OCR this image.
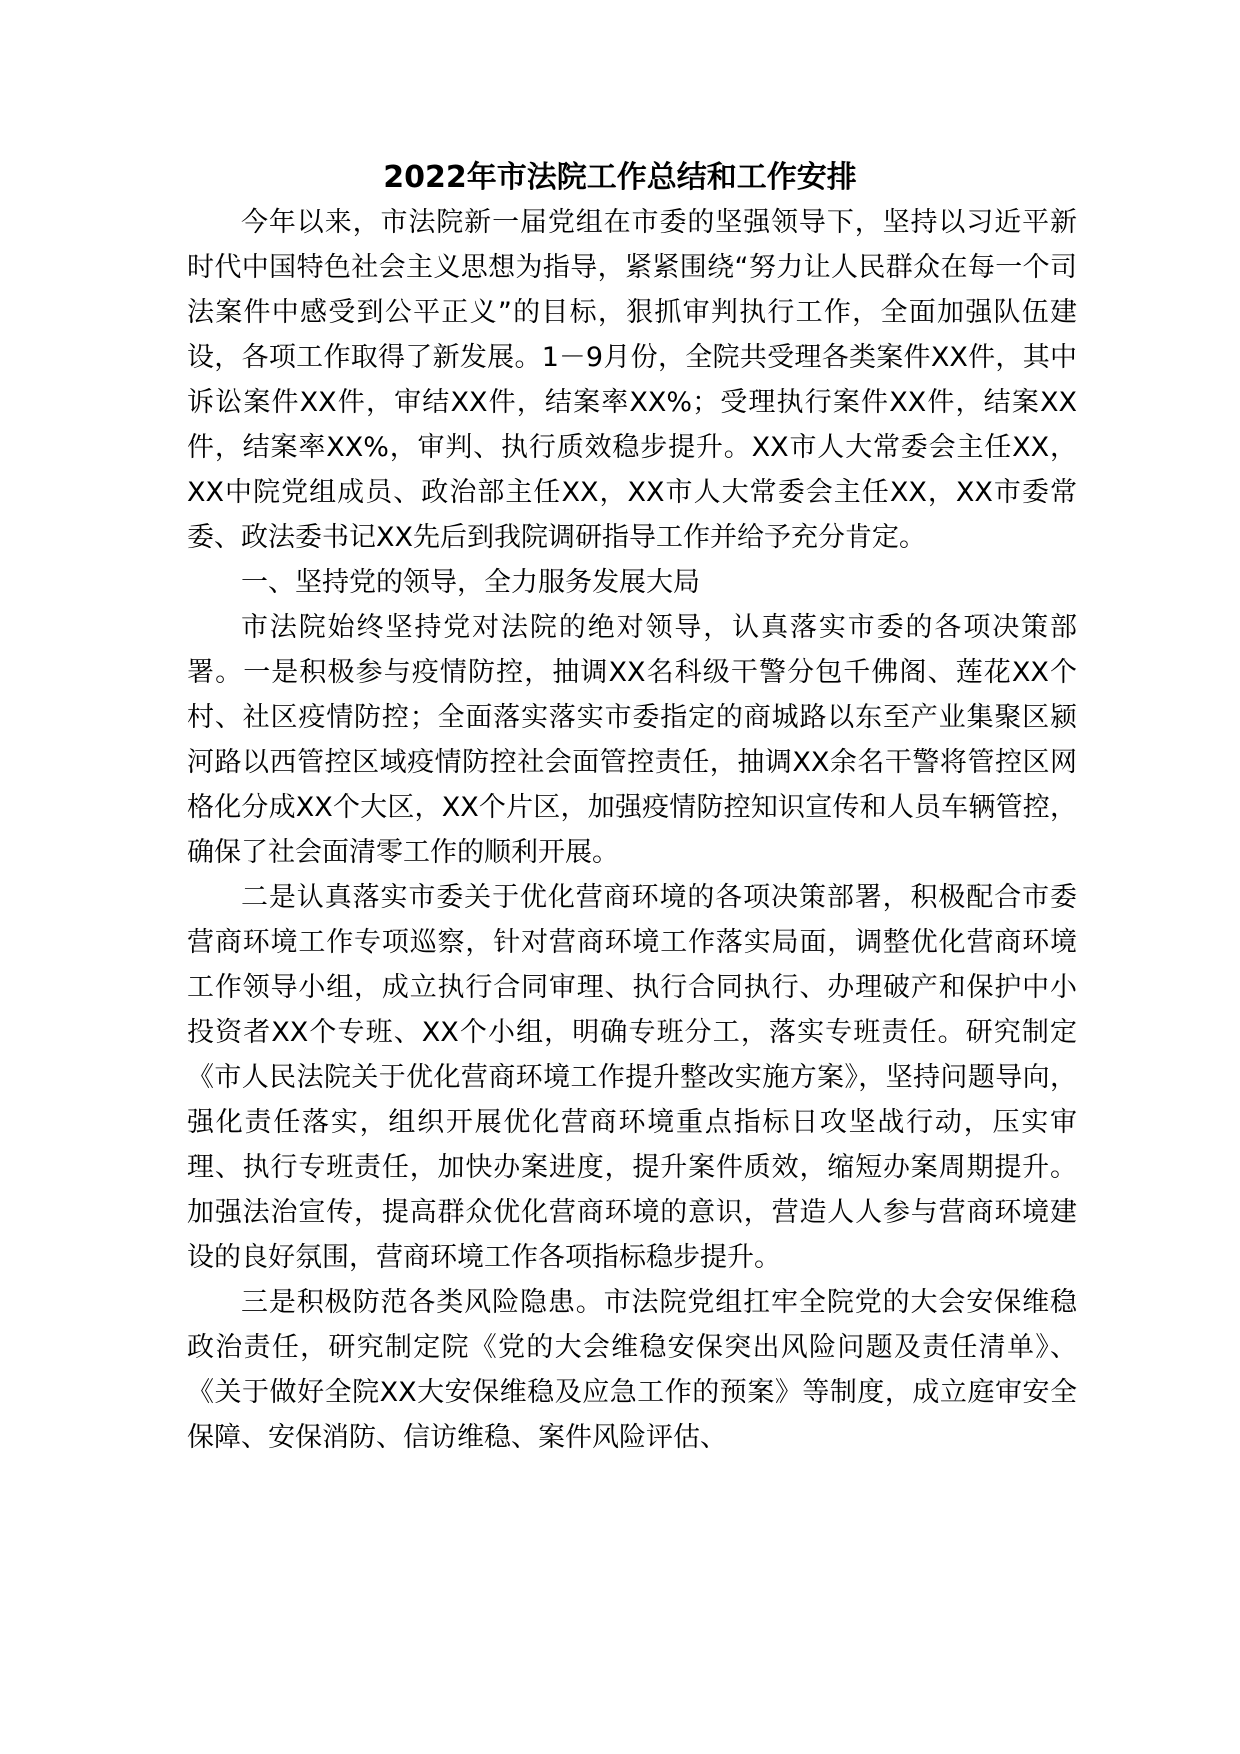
2022年市法院工作总结和工作安排

今年以来，市法院新一届党组在市委的坚强领导下，坚持以习近平新时代中国特色社会主义思想为指导，紧紧围绕“努力让人民群众在每一个司法案件中感受到公平正义”的目标，狠抓审判执行工作，全面加强队伍建设，各项工作取得了新发展。1－9月份，全院共受理各类案件XX件，其中诉讼案件XX件，审结XX件，结案率XX%；受理执行案件XX件，结案XX件，结案率XX%，审判、执行质效稳步提升。XX市人大常委会主任XX，XX中院党组成员、政治部主任XX，XX市人大常委会主任XX，XX市委常委、政法委书记XX先后到我院调研指导工作并给予充分肯定。

一、坚持党的领导，全力服务发展大局

市法院始终坚持党对法院的绝对领导，认真落实市委的各项决策部署。一是积极参与疫情防控，抽调XX名科级干警分包千佛阁、莲花XX个村、社区疫情防控；全面落实落实市委指定的商城路以东至产业集聚区颍河路以西管控区域疫情防控社会面管控责任，抽调XX余名干警将管控区网格化分成XX个大区，XX个片区，加强疫情防控知识宣传和人员车辆管控，确保了社会面清零工作的顺利开展。

二是认真落实市委关于优化营商环境的各项决策部署，积极配合市委营商环境工作专项巡察，针对营商环境工作落实局面，调整优化营商环境工作领导小组，成立执行合同审理、执行合同执行、办理破产和保护中小投资者XX个专班、XX个小组，明确专班分工，落实专班责任。研究制定《市人民法院关于优化营商环境工作提升整改实施方案》，坚持问题导向，强化责任落实，组织开展优化营商环境重点指标日攻坚战行动，压实审理、执行专班责任，加快办案进度，提升案件质效，缩短办案周期提升。加强法治宣传，提高群众优化营商环境的意识，营造人人参与营商环境建设的良好氛围，营商环境工作各项指标稳步提升。

三是积极防范各类风险隐患。市法院党组扛牢全院党的大会安保维稳政治责任，研究制定院《党的大会维稳安保突出风险问题及责任清单》、《关于做好全院XX大安保维稳及应急工作的预案》等制度，成立庭审安全保障、安保消防、信访维稳、案件风险评估、
